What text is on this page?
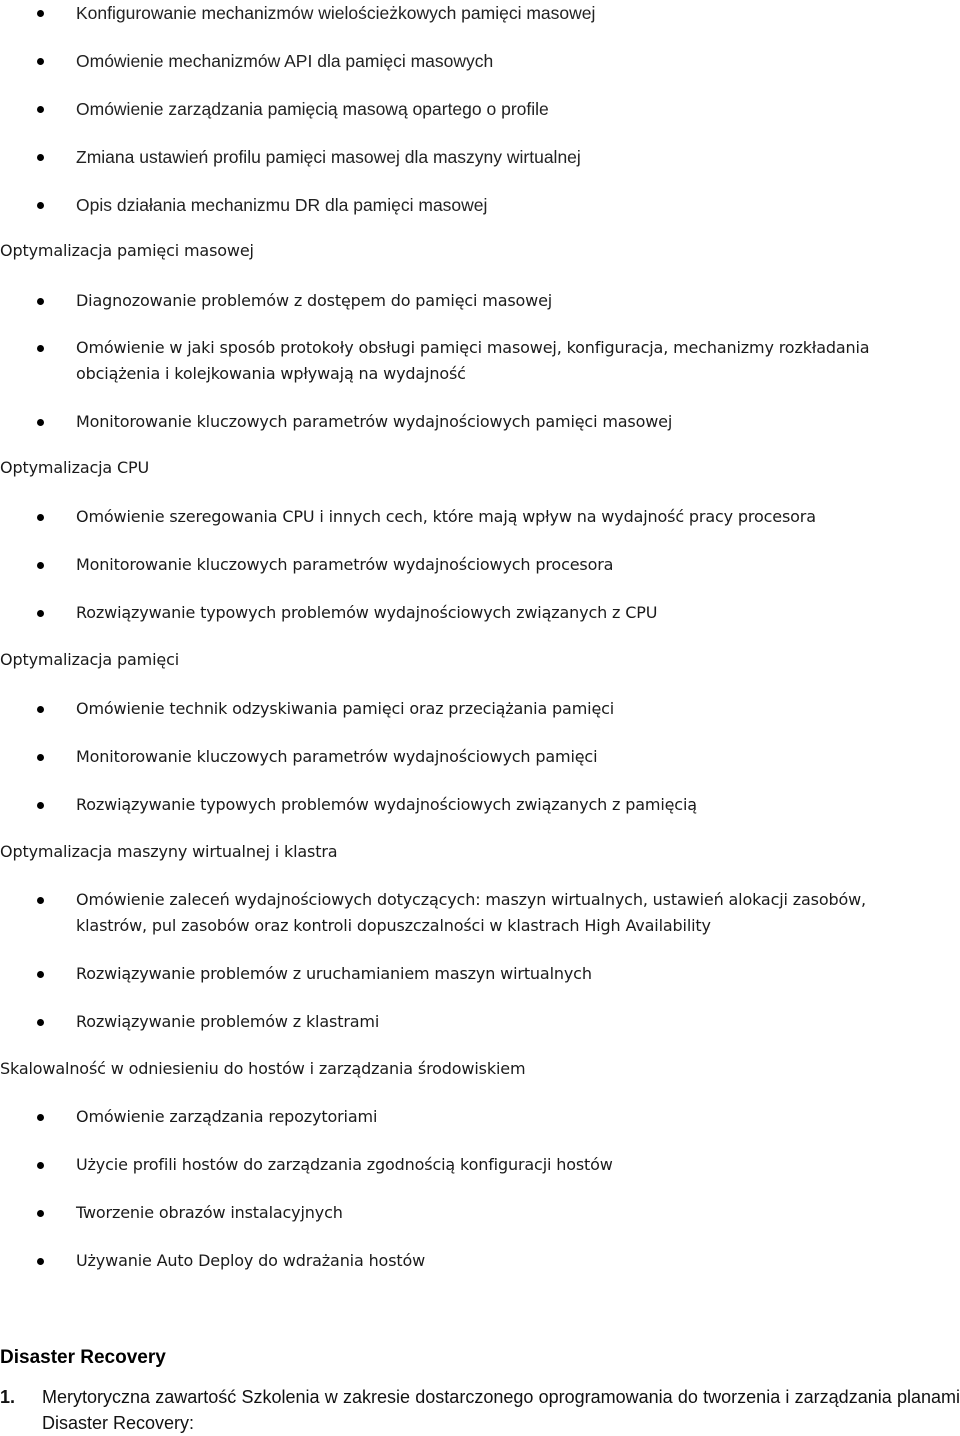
Konfigurowanie mechanizmów wielościeżkowych pamięci masowej
Omówienie mechanizmów API dla pamięci masowych
Omówienie zarządzania pamięcią masową opartego o profile
Zmiana ustawień profilu pamięci masowej dla maszyny wirtualnej
Opis działania mechanizmu DR dla pamięci masowej
Optymalizacja pamięci masowej
Diagnozowanie problemów z dostępem do pamięci masowej
Omówienie w jaki sposób protokoły obsługi pamięci masowej, konfiguracja, mechanizmy rozkładania obciążenia i kolejkowania wpływają na wydajność
Monitorowanie kluczowych parametrów wydajnościowych pamięci masowej
Optymalizacja CPU
Omówienie szeregowania CPU i innych cech, które mają wpływ na wydajność pracy procesora
Monitorowanie kluczowych parametrów wydajnościowych procesora
Rozwiązywanie typowych problemów wydajnościowych związanych z CPU
Optymalizacja pamięci
Omówienie technik odzyskiwania pamięci oraz przeciążania pamięci
Monitorowanie kluczowych parametrów wydajnościowych pamięci
Rozwiązywanie typowych problemów wydajnościowych związanych z pamięcią
Optymalizacja maszyny wirtualnej i klastra
Omówienie zaleceń wydajnościowych dotyczących: maszyn wirtualnych, ustawień alokacji zasobów, klastrów, pul zasobów oraz kontroli dopuszczalności w klastrach High Availability
Rozwiązywanie problemów z uruchamianiem maszyn wirtualnych
Rozwiązywanie problemów z klastrami
Skalowalność w odniesieniu do hostów i zarządzania środowiskiem
Omówienie zarządzania repozytoriami
Użycie profili hostów do zarządzania zgodnością konfiguracji hostów
Tworzenie obrazów instalacyjnych
Używanie Auto Deploy do wdrażania hostów
Disaster Recovery
1. Merytoryczna zawartość Szkolenia w zakresie dostarczonego oprogramowania do tworzenia i zarządzania planami Disaster Recovery:
